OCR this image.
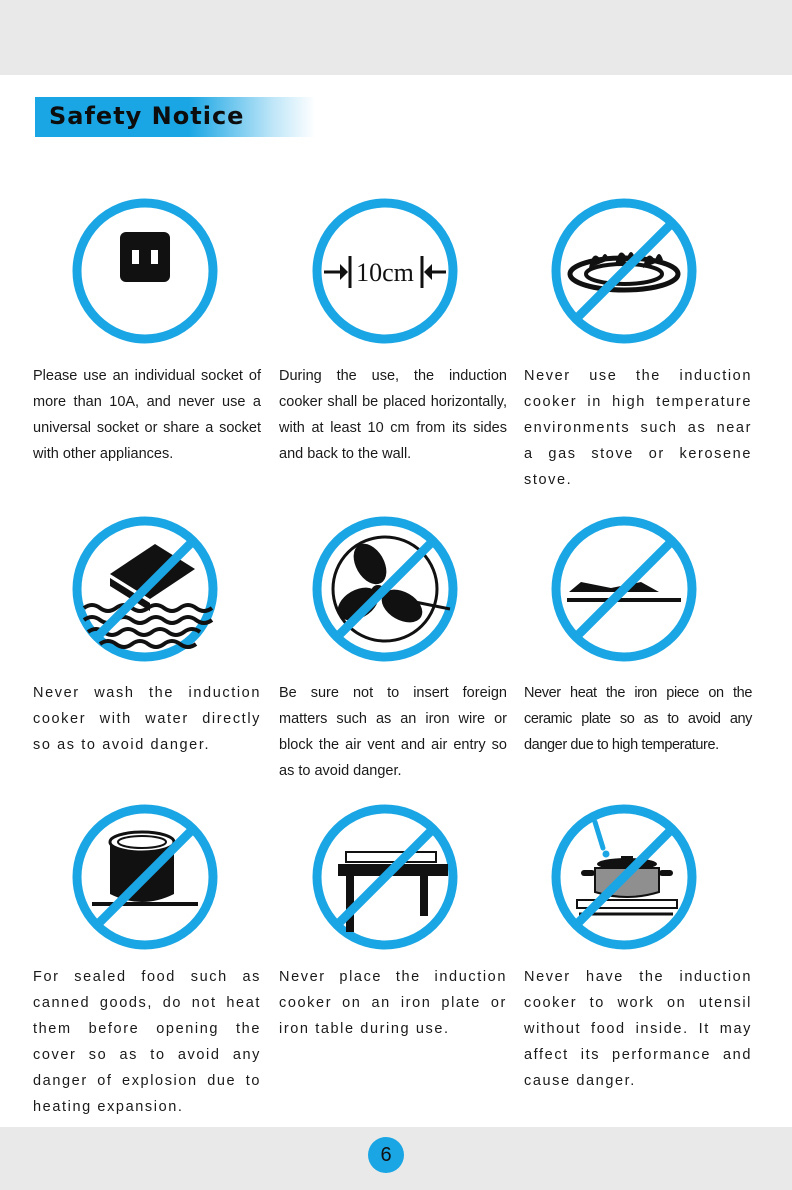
Safety Notice
10cm

Please use an individual socket of more than 10A, and never use a universal socket or share a socket with other appliances.

During the use, the induction cooker shall be placed horizontally, with at least 10 cm from its sides and back to the wall.

Never use the induction cooker in high temperature environments such as near a gas stove or kerosene stove.

Never wash the induction cooker with water directly so as to avoid danger.

Be sure not to insert foreign matters such as an iron wire or block the air vent and air entry so as to avoid danger.

Never heat the iron piece on the ceramic plate so as to avoid any danger due to high temperature.

For sealed food such as canned goods, do not heat them before opening the cover so as to avoid any danger of explosion due to heating expansion.

Never place the induction cooker on an iron plate or iron table during use.

Never have the induction cooker to work on utensil without food inside. It may affect its performance and cause danger.

6
